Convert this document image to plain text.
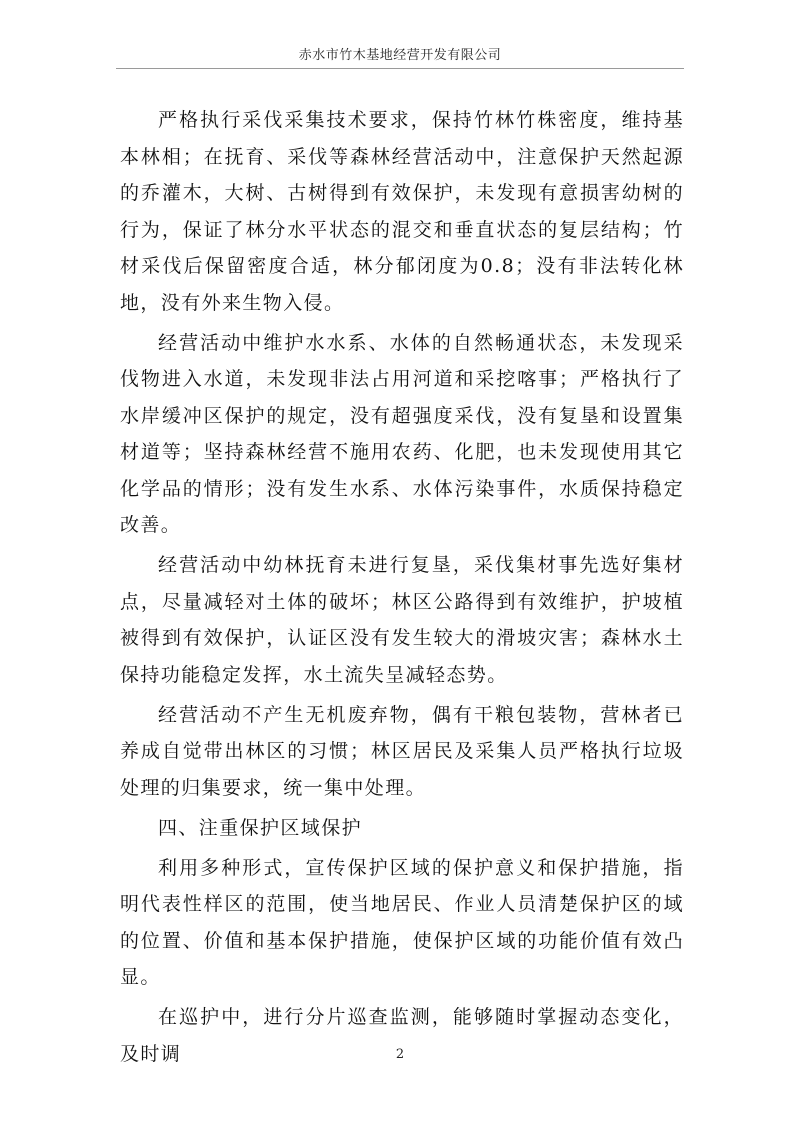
赤水市竹木基地经营开发有限公司

严格执行采伐采集技术要求，保持竹林竹株密度，维持基本林相；在抚育、采伐等森林经营活动中，注意保护天然起源的乔灌木，大树、古树得到有效保护，未发现有意损害幼树的行为，保证了林分水平状态的混交和垂直状态的复层结构；竹材采伐后保留密度合适，林分郁闭度为0.8；没有非法转化林地，没有外来生物入侵。

经营活动中维护水水系、水体的自然畅通状态，未发现采伐物进入水道，未发现非法占用河道和采挖喀事；严格执行了水岸缓冲区保护的规定，没有超强度采伐，没有复垦和设置集材道等；坚持森林经营不施用农药、化肥，也未发现使用其它化学品的情形；没有发生水系、水体污染事件，水质保持稳定改善。

经营活动中幼林抚育未进行复垦，采伐集材事先选好集材点，尽量减轻对土体的破坏；林区公路得到有效维护，护坡植被得到有效保护，认证区没有发生较大的滑坡灾害；森林水土保持功能稳定发挥，水土流失呈减轻态势。

经营活动不产生无机废弃物，偶有干粮包装物，营林者已养成自觉带出林区的习惯；林区居民及采集人员严格执行垃圾处理的归集要求，统一集中处理。

四、注重保护区域保护

利用多种形式，宣传保护区域的保护意义和保护措施，指明代表性样区的范围，使当地居民、作业人员清楚保护区的域的位置、价值和基本保护措施，使保护区域的功能价值有效凸显。

在巡护中，进行分片巡查监测，能够随时掌握动态变化，及时调	2
